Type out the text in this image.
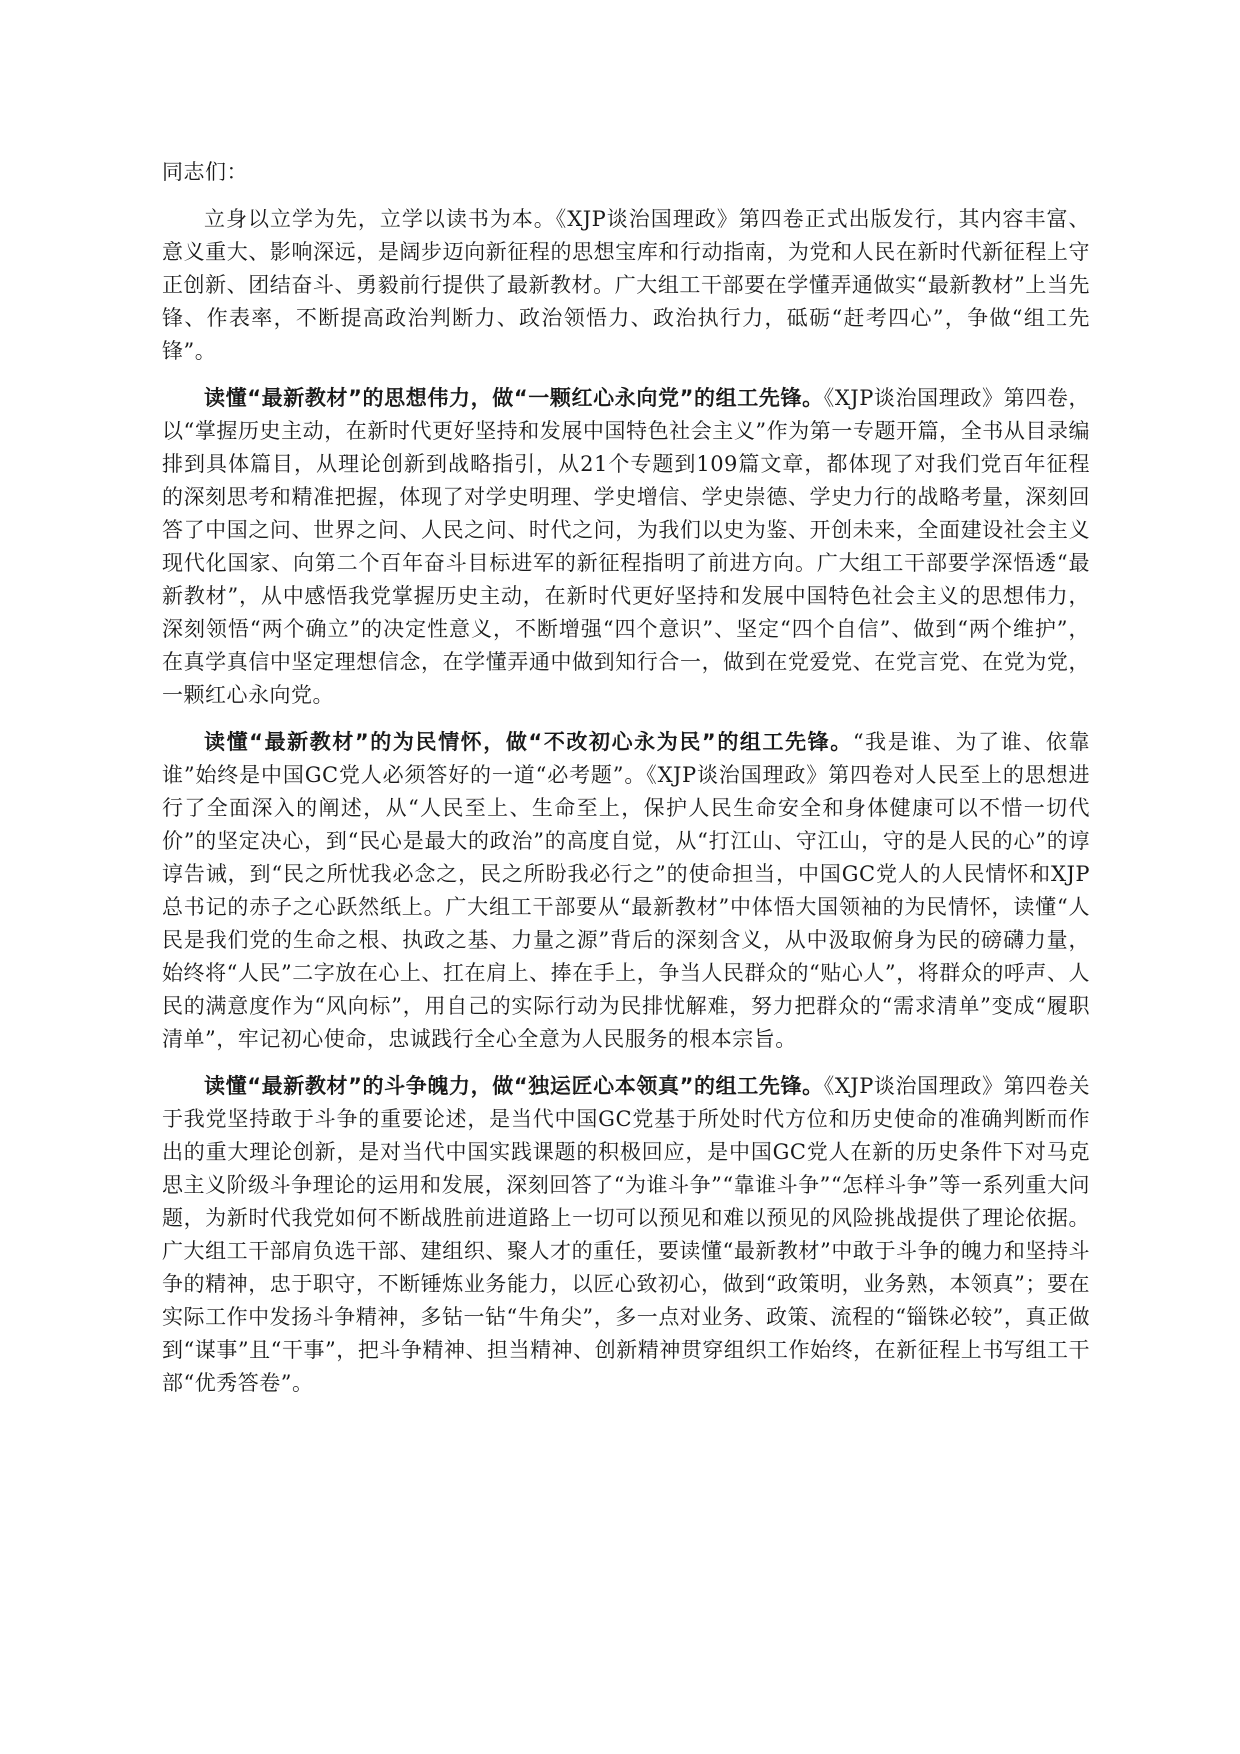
同志们：

立身以立学为先，立学以读书为本。《XJP谈治国理政》第四卷正式出版发行，其内容丰富、意义重大、影响深远，是阔步迈向新征程的思想宝库和行动指南，为党和人民在新时代新征程上守正创新、团结奋斗、勇毅前行提供了最新教材。广大组工干部要在学懂弄通做实“最新教材”上当先锋、作表率，不断提高政治判断力、政治领悟力、政治执行力，砥砺“赶考四心”，争做“组工先锋”。

读懂“最新教材”的思想伟力，做“一颗红心永向党”的组工先锋。《XJP谈治国理政》第四卷，以“掌握历史主动，在新时代更好坚持和发展中国特色社会主义”作为第一专题开篇，全书从目录编排到具体篇目，从理论创新到战略指引，从21个专题到109篇文章，都体现了对我们党百年征程的深刻思考和精准把握，体现了对学史明理、学史增信、学史崇德、学史力行的战略考量，深刻回答了中国之问、世界之问、人民之问、时代之问，为我们以史为鉴、开创未来，全面建设社会主义现代化国家、向第二个百年奋斗目标进军的新征程指明了前进方向。广大组工干部要学深悟透“最新教材”，从中感悟我党掌握历史主动，在新时代更好坚持和发展中国特色社会主义的思想伟力，深刻领悟“两个确立”的决定性意义，不断增强“四个意识”、坚定“四个自信”、做到“两个维护”，在真学真信中坚定理想信念，在学懂弄通中做到知行合一，做到在党爱党、在党言党、在党为党，一颗红心永向党。

读懂“最新教材”的为民情怀，做“不改初心永为民”的组工先锋。“我是谁、为了谁、依靠谁”始终是中国GC党人必须答好的一道“必考题”。《XJP谈治国理政》第四卷对人民至上的思想进行了全面深入的阐述，从“人民至上、生命至上，保护人民生命安全和身体健康可以不惜一切代价”的坚定决心，到“民心是最大的政治”的高度自觉，从“打江山、守江山，守的是人民的心”的谆谆告诫，到“民之所忧我必念之，民之所盼我必行之”的使命担当，中国GC党人的人民情怀和XJP总书记的赤子之心跃然纸上。广大组工干部要从“最新教材”中体悟大国领袖的为民情怀，读懂“人民是我们党的生命之根、执政之基、力量之源”背后的深刻含义，从中汲取俯身为民的磅礴力量，始终将“人民”二字放在心上、扛在肩上、捧在手上，争当人民群众的“贴心人”，将群众的呼声、人民的满意度作为“风向标”，用自己的实际行动为民排忧解难，努力把群众的“需求清单”变成“履职清单”，牢记初心使命，忠诚践行全心全意为人民服务的根本宗旨。

读懂“最新教材”的斗争魄力，做“独运匠心本领真”的组工先锋。《XJP谈治国理政》第四卷关于我党坚持敢于斗争的重要论述，是当代中国GC党基于所处时代方位和历史使命的准确判断而作出的重大理论创新，是对当代中国实践课题的积极回应，是中国GC党人在新的历史条件下对马克思主义阶级斗争理论的运用和发展，深刻回答了“为谁斗争”“靠谁斗争”“怎样斗争”等一系列重大问题，为新时代我党如何不断战胜前进道路上一切可以预见和难以预见的风险挑战提供了理论依据。广大组工干部肩负选干部、建组织、聚人才的重任，要读懂“最新教材”中敢于斗争的魄力和坚持斗争的精神，忠于职守，不断锤炼业务能力，以匠心致初心，做到“政策明，业务熟，本领真”；要在实际工作中发扬斗争精神，多钻一钻“牛角尖”，多一点对业务、政策、流程的“锱铢必较”，真正做到“谋事”且“干事”，把斗争精神、担当精神、创新精神贯穿组织工作始终，在新征程上书写组工干部“优秀答卷”。
